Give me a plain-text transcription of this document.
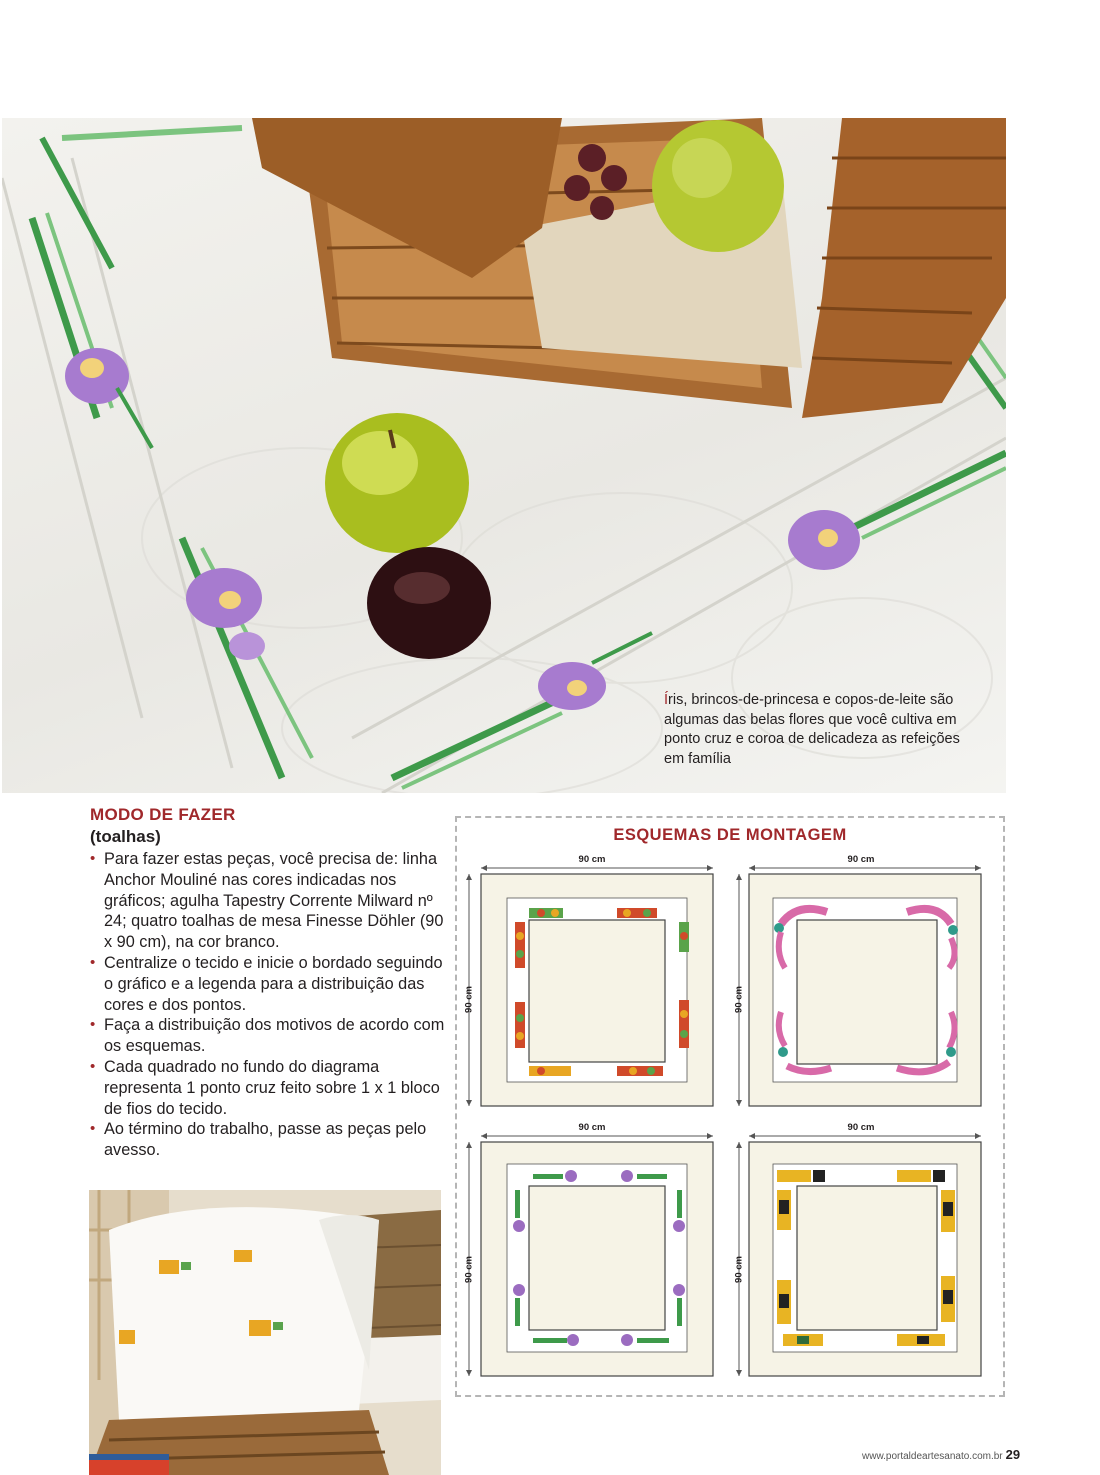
Íris, brincos-de-princesa e copos-de-leite são algumas das belas flores que você cultiva em ponto cruz e coroa de delicadeza as refeições em família
MODO DE FAZER
(toalhas)
• Para fazer estas peças, você precisa de: linha Anchor Mouliné nas cores indicadas nos gráficos; agulha Tapestry Corrente Milward nº 24; quatro toalhas de mesa Finesse Döhler (90 x 90 cm), na cor branco.
• Centralize o tecido e inicie o bordado seguindo o gráfico e a legenda para a distribuição das cores e dos pontos.
• Faça a distribuição dos motivos de acordo com os esquemas.
• Cada quadrado no fundo do diagrama representa 1 ponto cruz feito sobre 1 x 1 bloco de fios do tecido.
• Ao término do trabalho, passe as peças pelo avesso.
ESQUEMAS DE MONTAGEM
90 cm
90 cm
90 cm
90 cm
90 cm
90 cm
90 cm
90 cm
www.portaldeartesanato.com.br 29
